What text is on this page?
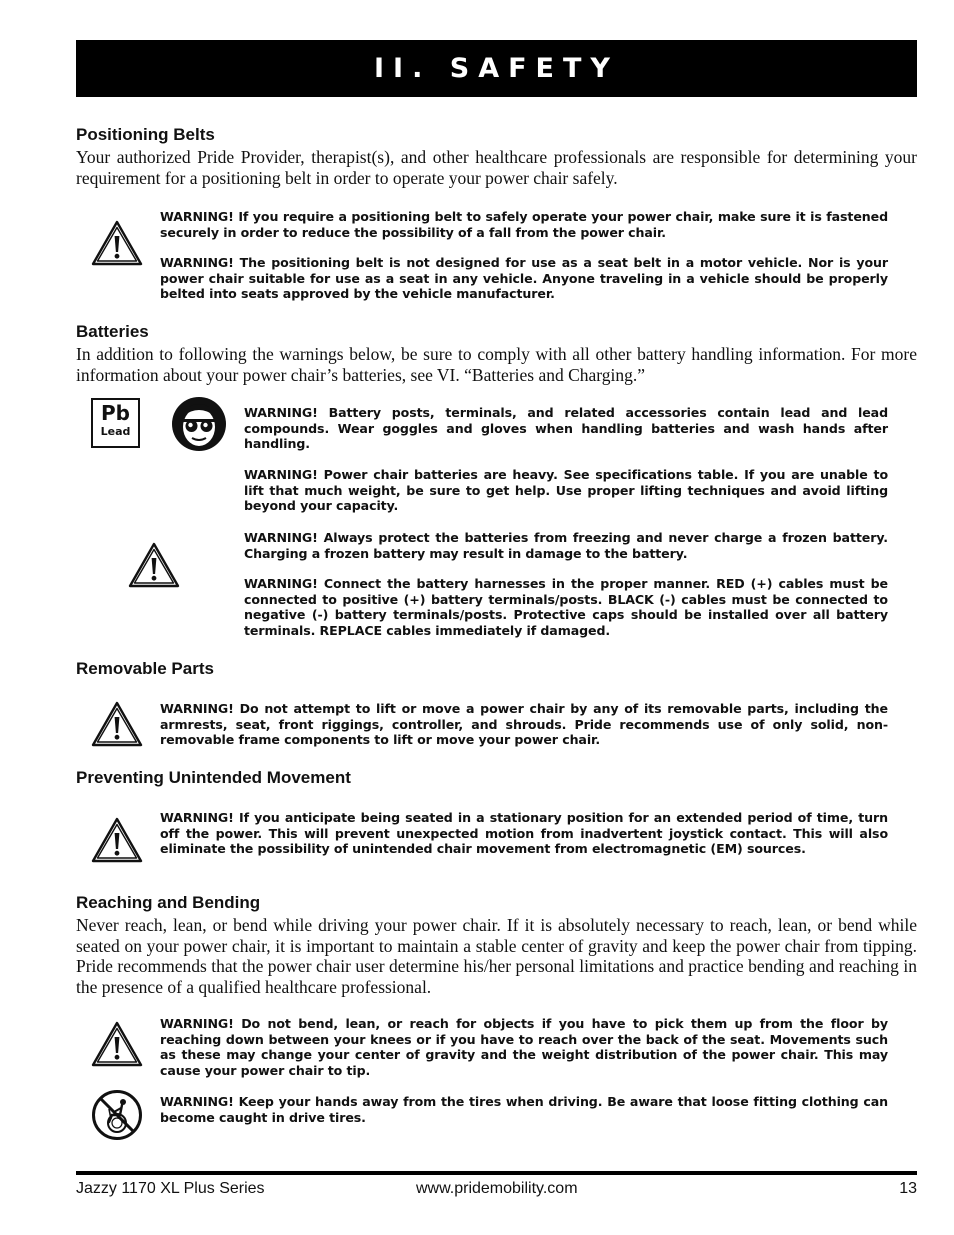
II. SAFETY
Positioning Belts
Your authorized Pride Provider, therapist(s), and other healthcare professionals are responsible for determining your requirement for a positioning belt in order to operate your power chair safely.
WARNING! If you require a positioning belt to safely operate your power chair, make sure it is fastened securely in order to reduce the possibility of a fall from the power chair.
WARNING! The positioning belt is not designed for use as a seat belt in a motor vehicle. Nor is your power chair suitable for use as a seat in any vehicle. Anyone traveling in a vehicle should be properly belted into seats approved by the vehicle manufacturer.
Batteries
In addition to following the warnings below, be sure to comply with all other battery handling information. For more information about your power chair’s batteries, see VI. “Batteries and Charging.”
Pb
Lead
WARNING! Battery posts, terminals, and related accessories contain lead and lead compounds. Wear goggles and gloves when handling batteries and wash hands after handling.
WARNING! Power chair batteries are heavy. See specifications table. If you are unable to lift that much weight, be sure to get help. Use proper lifting techniques and avoid lifting beyond your capacity.
WARNING! Always protect the batteries from freezing and never charge a frozen battery. Charging a frozen battery may result in damage to the battery.
WARNING! Connect the battery harnesses in the proper manner. RED (+) cables must be connected to positive (+) battery terminals/posts. BLACK (-) cables must be connected to negative (-) battery terminals/posts. Protective caps should be installed over all battery terminals. REPLACE cables immediately if damaged.
Removable Parts
WARNING! Do not attempt to lift or move a power chair by any of its removable parts, including the armrests, seat, front riggings, controller, and shrouds. Pride recommends use of only solid, non-removable frame components to lift or move your power chair.
Preventing Unintended Movement
WARNING! If you anticipate being seated in a stationary position for an extended period of time, turn off the power. This will prevent unexpected motion from inadvertent joystick contact. This will also eliminate the possibility of unintended chair movement from electromagnetic (EM) sources.
Reaching and Bending
Never reach, lean, or bend while driving your power chair. If it is absolutely necessary to reach, lean, or bend while seated on your power chair, it is important to maintain a stable center of gravity and keep the power chair from tipping. Pride recommends that the power chair user determine his/her personal limitations and practice bending and reaching in the presence of a qualified healthcare professional.
WARNING! Do not bend, lean, or reach for objects if you have to pick them up from the floor by reaching down between your knees or if you have to reach over the back of the seat. Movements such as these may change your center of gravity and the weight distribution of the power chair. This may cause your power chair to tip.
WARNING! Keep your hands away from the tires when driving. Be aware that loose fitting clothing can become caught in drive tires.
Jazzy 1170 XL Plus Series	www.pridemobility.com	13
